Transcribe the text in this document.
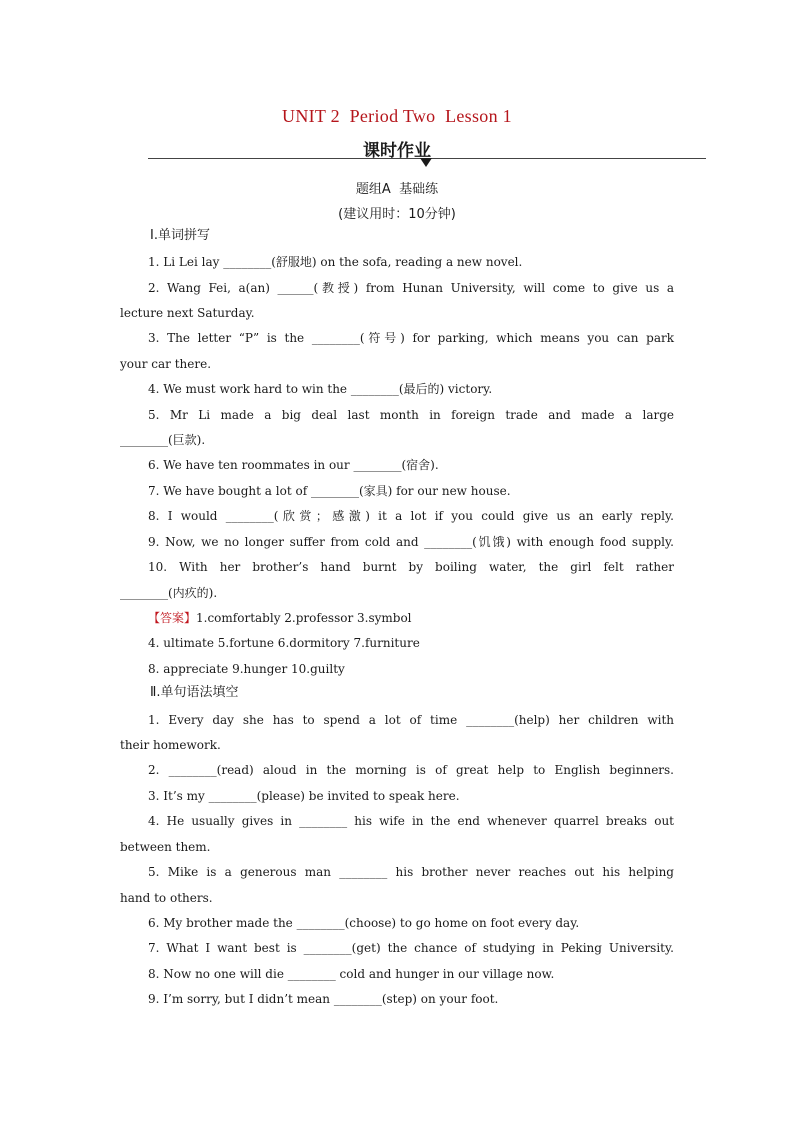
UNIT 2  Period Two  Lesson 1
课时作业
题组A  基础练
(建议用时：10分钟)
Ⅰ.单词拼写
1. Li Lei lay ________(舒服地) on the sofa, reading a new novel.
2. Wang Fei, a(an) ______(教授) from Hunan University, will come to give us a
lecture next Saturday.
3. The letter “P” is the ________(符号) for parking, which means you can park
your car there.
4. We must work hard to win the ________(最后的) victory.
5. Mr Li made a big deal last month in foreign trade and made a large
________(巨款).
6. We have ten roommates in our ________(宿舍).
7. We have bought a lot of ________(家具) for our new house.
8. I would ________(欣赏；感激) it a lot if you could give us an early reply.
9. Now, we no longer suffer from cold and ________(饥饿) with enough food supply.
10. With her brother’s hand burnt by boiling water, the girl felt rather
________(内疚的).
【答案】1.comfortably 2.professor 3.symbol
4. ultimate 5.fortune 6.dormitory 7.furniture
8. appreciate 9.hunger 10.guilty
Ⅱ.单句语法填空
1. Every day she has to spend a lot of time ________(help) her children with
their homework.
2. ________(read) aloud in the morning is of great help to English beginners.
3. It’s my ________(please) be invited to speak here.
4. He usually gives in ________ his wife in the end whenever quarrel breaks out
between them.
5. Mike is a generous man ________ his brother never reaches out his helping
hand to others.
6. My brother made the ________(choose) to go home on foot every day.
7. What I want best is ________(get) the chance of studying in Peking University.
8. Now no one will die ________ cold and hunger in our village now.
9. I’m sorry, but I didn’t mean ________(step) on your foot.
